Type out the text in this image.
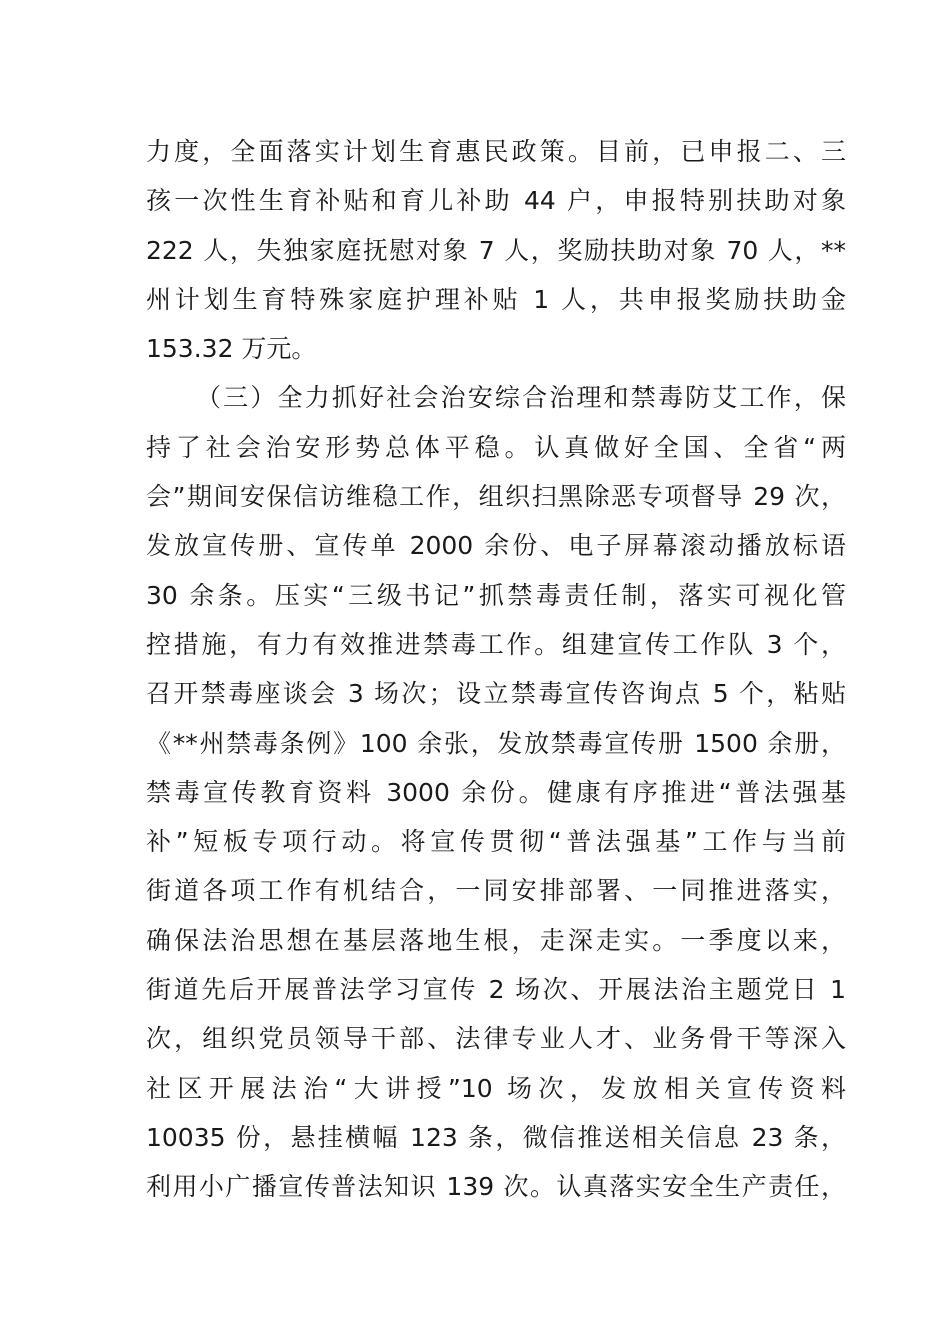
力度，全面落实计划生育惠民政策。目前，已申报二、三
孩一次性生育补贴和育儿补助 44 户，申报特别扶助对象
222 人，失独家庭抚慰对象 7 人，奖励扶助对象 70 人，**
州计划生育特殊家庭护理补贴 1 人，共申报奖励扶助金
153.32 万元。
（三）全力抓好社会治安综合治理和禁毒防艾工作，保
持了社会治安形势总体平稳。认真做好全国、全省“两
会”期间安保信访维稳工作，组织扫黑除恶专项督导 29 次，
发放宣传册、宣传单 2000 余份、电子屏幕滚动播放标语
30 余条。压实“三级书记”抓禁毒责任制，落实可视化管
控措施，有力有效推进禁毒工作。组建宣传工作队 3 个，
召开禁毒座谈会 3 场次；设立禁毒宣传咨询点 5 个，粘贴
《**州禁毒条例》100 余张，发放禁毒宣传册 1500 余册，
禁毒宣传教育资料 3000 余份。健康有序推进“普法强基
补”短板专项行动。将宣传贯彻“普法强基”工作与当前
街道各项工作有机结合，一同安排部署、一同推进落实，
确保法治思想在基层落地生根，走深走实。一季度以来，
街道先后开展普法学习宣传 2 场次、开展法治主题党日 1
次，组织党员领导干部、法律专业人才、业务骨干等深入
社区开展法治“大讲授”10 场次，发放相关宣传资料
10035 份，悬挂横幅 123 条，微信推送相关信息 23 条，
利用小广播宣传普法知识 139 次。认真落实安全生产责任，
